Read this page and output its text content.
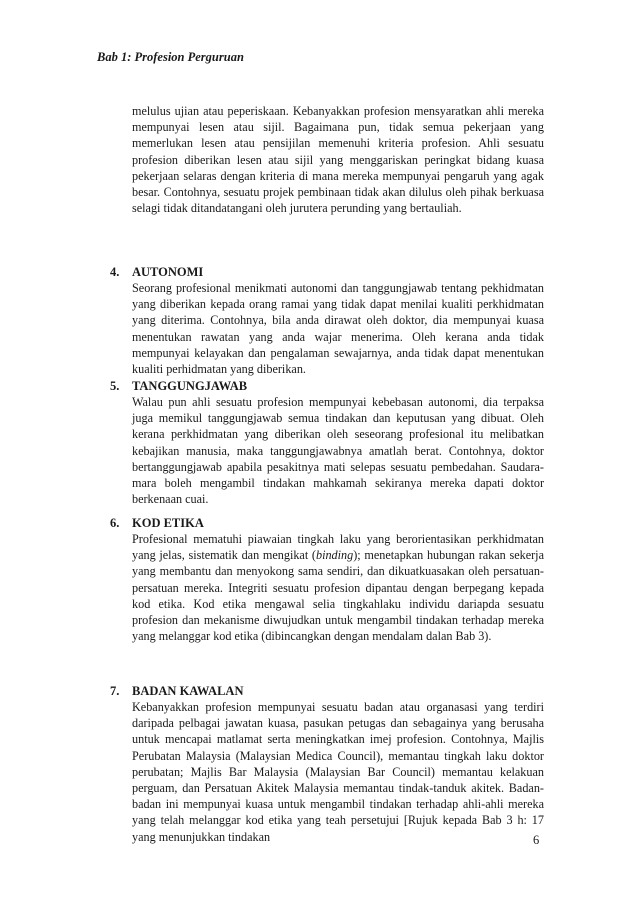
Bab 1: Profesion Perguruan

melulus ujian atau peperiskaan. Kebanyakkan profesion mensyaratkan ahli mereka mempunyai lesen atau sijil. Bagaimana pun, tidak semua pekerjaan yang memerlukan lesen atau pensijilan memenuhi kriteria profesion. Ahli sesuatu profesion diberikan lesen atau sijil yang menggariskan peringkat bidang kuasa pekerjaan selaras dengan kriteria di mana mereka mempunyai pengaruh yang agak besar. Contohnya, sesuatu projek pembinaan tidak akan dilulus oleh pihak berkuasa selagi tidak ditandatangani oleh jurutera perunding yang bertauliah.

4. AUTONOMI

Seorang profesional menikmati autonomi dan tanggungjawab tentang pekhidmatan yang diberikan kepada orang ramai yang tidak dapat menilai kualiti perkhidmatan yang diterima. Contohnya, bila anda dirawat oleh doktor, dia mempunyai kuasa menentukan rawatan yang anda wajar menerima. Oleh kerana anda tidak mempunyai kelayakan dan pengalaman sewajarnya, anda tidak dapat menentukan kualiti perhidmatan yang diberikan.

5. TANGGUNGJAWAB

Walau pun ahli sesuatu profesion mempunyai kebebasan autonomi, dia terpaksa juga memikul tanggungjawab semua tindakan dan keputusan yang dibuat. Oleh kerana perkhidmatan yang diberikan oleh seseorang profesional itu melibatkan kebajikan manusia, maka tanggungjawabnya amatlah berat. Contohnya, doktor bertanggungjawab apabila pesakitnya mati selepas sesuatu pembedahan. Saudara-mara boleh mengambil tindakan mahkamah sekiranya mereka dapati doktor berkenaan cuai.

6. KOD ETIKA

Profesional mematuhi piawaian tingkah laku yang berorientasikan perkhidmatan yang jelas, sistematik dan mengikat (binding); menetapkan hubungan rakan sekerja yang membantu dan menyokong sama sendiri, dan dikuatkuasakan oleh persatuan-persatuan mereka. Integriti sesuatu profesion dipantau dengan berpegang kepada kod etika. Kod etika mengawal selia tingkahlaku individu dariapda sesuatu profesion dan mekanisme diwujudkan untuk mengambil tindakan terhadap mereka yang melanggar kod etika (dibincangkan dengan mendalam dalan Bab 3).

7. BADAN KAWALAN

Kebanyakkan profesion mempunyai sesuatu badan atau organasasi yang terdiri daripada pelbagai jawatan kuasa, pasukan petugas dan sebagainya yang berusaha untuk mencapai matlamat serta meningkatkan imej profesion. Contohnya, Majlis Perubatan Malaysia (Malaysian Medica Council), memantau tingkah laku doktor perubatan; Majlis Bar Malaysia (Malaysian Bar Council) memantau kelakuan perguam, dan Persatuan Akitek Malaysia memantau tindak-tanduk akitek. Badan-badan ini mempunyai kuasa untuk mengambil tindakan terhadap ahli-ahli mereka yang telah melanggar kod etika yang teah persetujui [Rujuk kepada Bab 3 h: 17 yang menunjukkan tindakan	6
